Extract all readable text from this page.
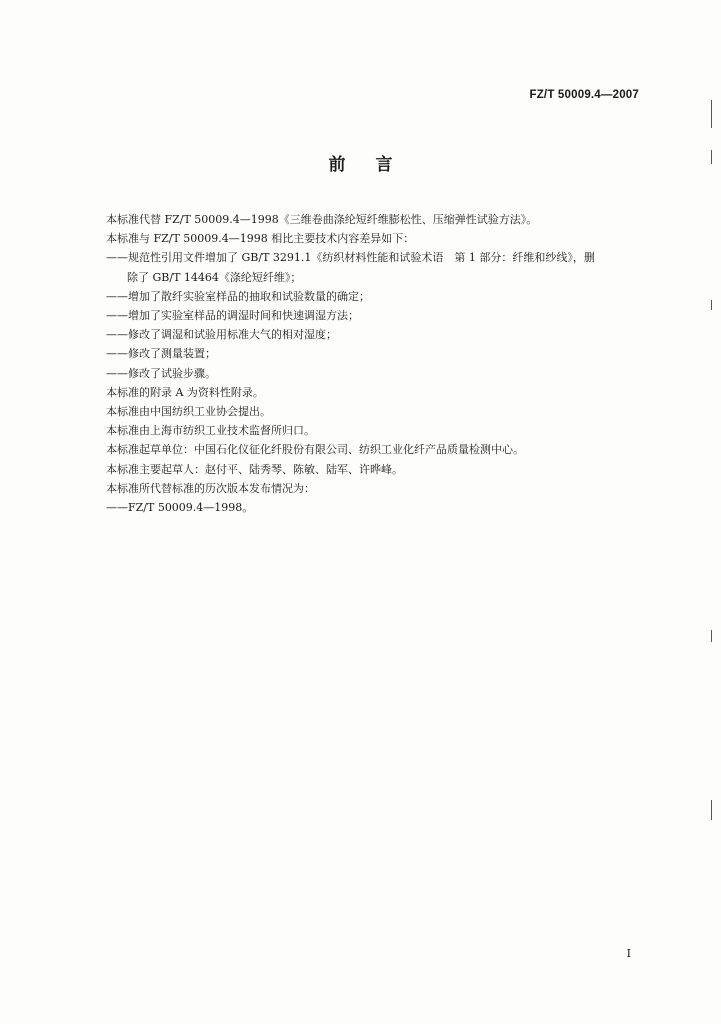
FZ/T 50009.4—2007
前言
本标准代替 FZ/T 50009.4—1998《三维卷曲涤纶短纤维膨松性、压缩弹性试验方法》。
本标准与 FZ/T 50009.4—1998 相比主要技术内容差异如下：
——规范性引用文件增加了 GB/T 3291.1《纺织材料性能和试验术语　第 1 部分：纤维和纱线》，删
除了 GB/T 14464《涤纶短纤维》；
——增加了散纤实验室样品的抽取和试验数量的确定；
——增加了实验室样品的调湿时间和快速调湿方法；
——修改了调湿和试验用标准大气的相对湿度；
——修改了测量装置；
——修改了试验步骤。
本标准的附录 A 为资料性附录。
本标准由中国纺织工业协会提出。
本标准由上海市纺织工业技术监督所归口。
本标准起草单位：中国石化仪征化纤股份有限公司、纺织工业化纤产品质量检测中心。
本标准主要起草人：赵付平、陆秀琴、陈敏、陆军、许晔峰。
本标准所代替标准的历次版本发布情况为：
——FZ/T 50009.4—1998。
I
